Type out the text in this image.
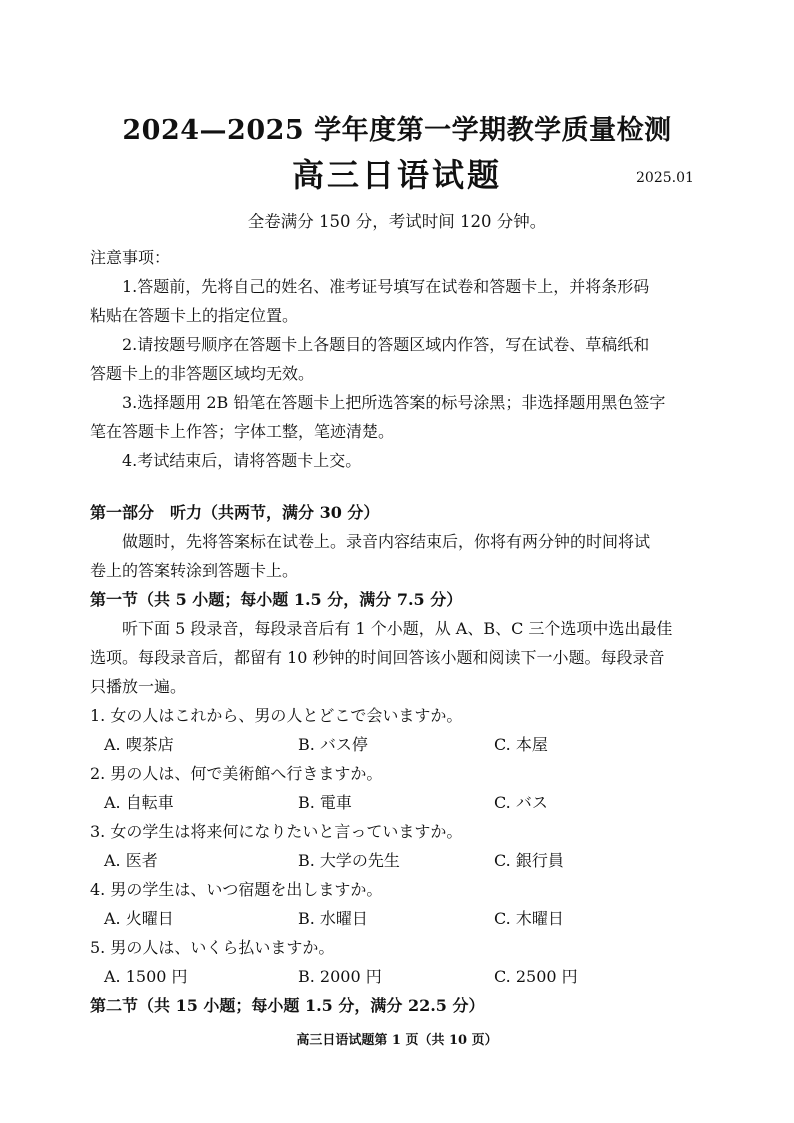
2024—2025 学年度第一学期教学质量检测
高三日语试题	2025.01
全卷满分 150 分，考试时间 120 分钟。
注意事项：
1.答题前，先将自己的姓名、准考证号填写在试卷和答题卡上，并将条形码
粘贴在答题卡上的指定位置。
2.请按题号顺序在答题卡上各题目的答题区域内作答，写在试卷、草稿纸和
答题卡上的非答题区域均无效。
3.选择题用 2B 铅笔在答题卡上把所选答案的标号涂黑；非选择题用黑色签字
笔在答题卡上作答；字体工整，笔迹清楚。
4.考试结束后，请将答题卡上交。
第一部分　听力（共两节，满分 30 分）
做题时，先将答案标在试卷上。录音内容结束后，你将有两分钟的时间将试
卷上的答案转涂到答题卡上。
第一节（共 5 小题；每小题 1.5 分，满分 7.5 分）
听下面 5 段录音，每段录音后有 1 个小题，从 A、B、C 三个选项中选出最佳
选项。每段录音后，都留有 10 秒钟的时间回答该小题和阅读下一小题。每段录音
只播放一遍。
1. 女の人はこれから、男の人とどこで会いますか。
A. 喫茶店	B. バス停	C. 本屋
2. 男の人は、何で美術館へ行きますか。
A. 自転車	B. 電車	C. バス
3. 女の学生は将来何になりたいと言っていますか。
A. 医者	B. 大学の先生	C. 銀行員
4. 男の学生は、いつ宿題を出しますか。
A. 火曜日	B. 水曜日	C. 木曜日
5. 男の人は、いくら払いますか。
A. 1500 円	B. 2000 円	C. 2500 円
第二节（共 15 小题；每小题 1.5 分，满分 22.5 分）
高三日语试题第 1 页（共 10 页）
